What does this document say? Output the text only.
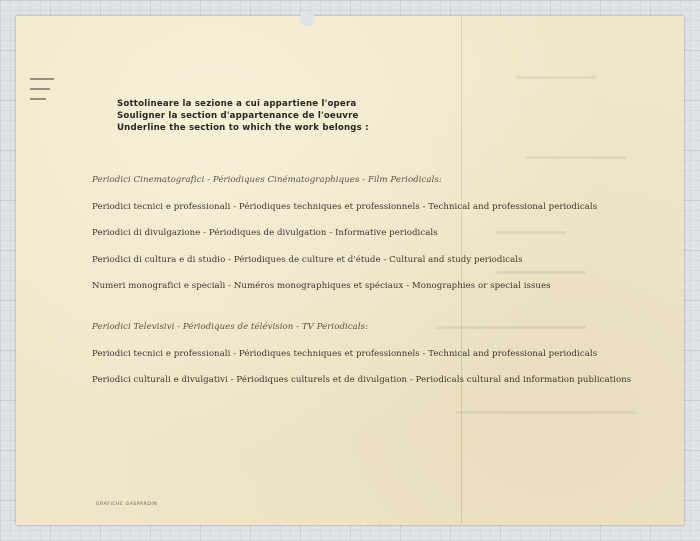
Sottolineare la sezione a cui appartiene l'opera
Souligner la section d'appartenance de l'oeuvre
Underline the section to which the work belongs :
Periodici Cinematografici - Périodiques Cinématographiques - Film Periodicals:
Periodici tecnici e professionali - Périodiques techniques et professionnels - Technical and professional periodicals
Periodici di divulgazione - Périodiques de divulgation - Informative periodicals
Periodici di cultura e di studio - Périodiques de culture et d'étude - Cultural and study periodicals
Numeri monografici e speciali - Numéros monographiques et spéciaux - Monographies or special issues
Periodici Televisivi - Périodiques de télévision - TV Periodicals:
Periodici tecnici e professionali - Périodiques techniques et professionnels - Technical and professional periodicals
Periodici culturali e divulgativi - Périodiques culturels et de divulgation - Periodicals cultural and information publications
GRAFICHE GASPARDIN
